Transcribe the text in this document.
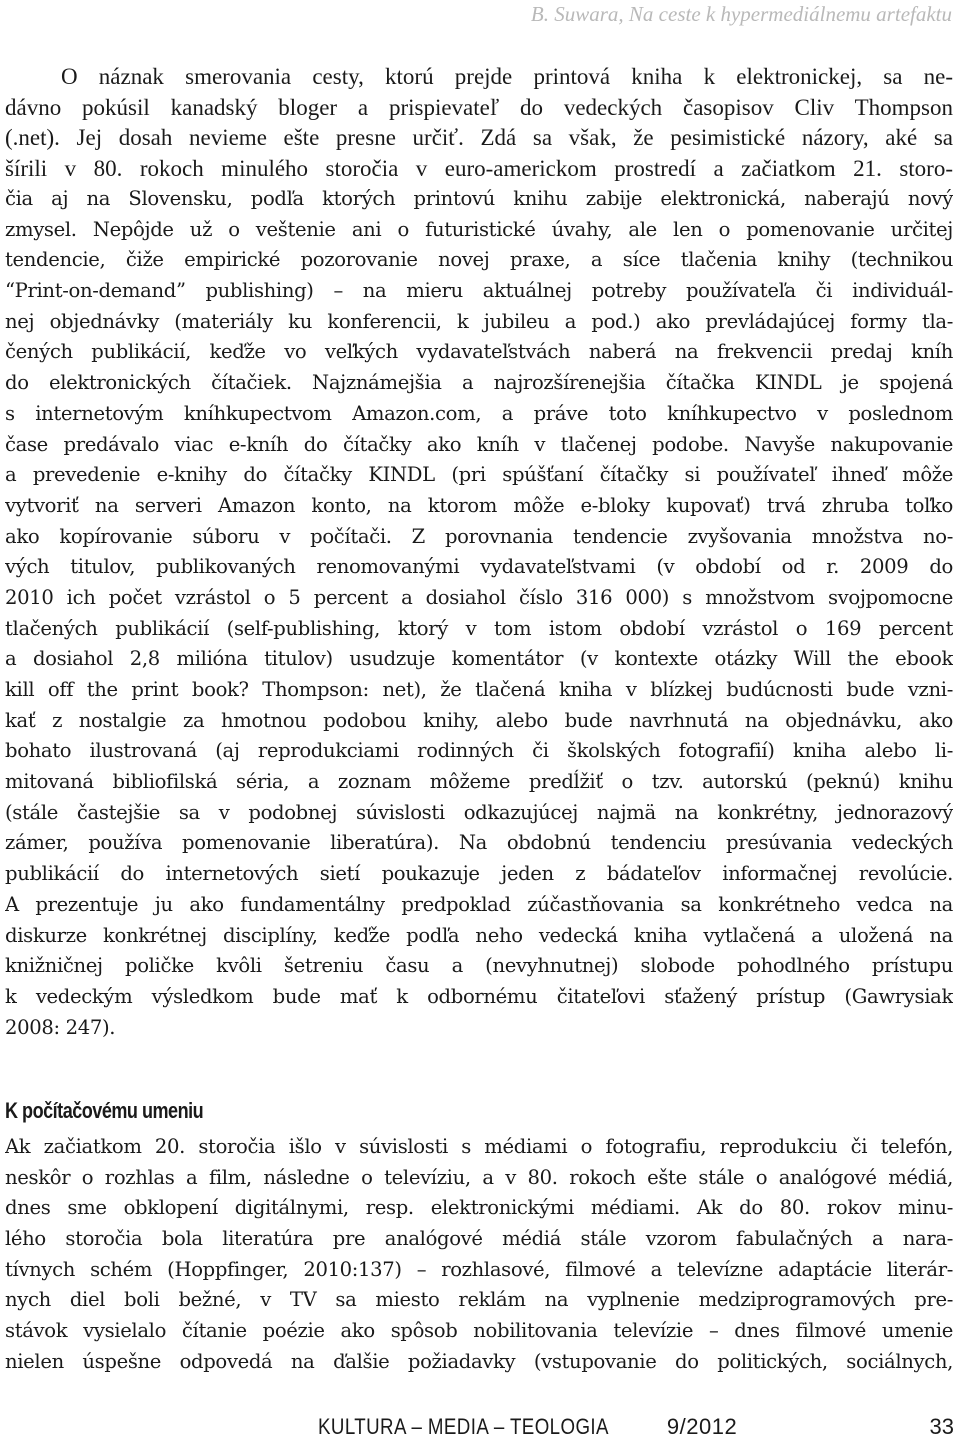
B. Suwara, Na ceste k hypermediálnemu artefaktu
O náznak smerovania cesty, ktorú prejde printová kniha k elektronickej, sa ne-
dávno pokúsil kanadský bloger a prispievateľ do vedeckých časopisov Cliv Thompson
(.net). Jej dosah nevieme ešte presne určiť. Zdá sa však, že pesimistické názory, aké sa
šírili v 80. rokoch minulého storočia v euro-americkom prostredí a začiatkom 21. storo-
čia aj na Slovensku, podľa ktorých printovú knihu zabije elektronická, naberajú nový
zmysel. Nepôjde už o veštenie ani o futuristické úvahy, ale len o pomenovanie určitej
tendencie, čiže empirické pozorovanie novej praxe, a síce tlačenia knihy (technikou
“Print-on-demand” publishing) – na mieru aktuálnej potreby používateľa či individuál-
nej objednávky (materiály ku konferencii, k jubileu a pod.) ako prevládajúcej formy tla-
čených publikácií, keďže vo veľkých vydavateľstvách naberá na frekvencii predaj kníh
do elektronických čítačiek. Najznámejšia a najrozšírenejšia čítačka KINDL je spojená
s internetovým kníhkupectvom Amazon.com, a práve toto kníhkupectvo v poslednom
čase predávalo viac e-kníh do čítačky ako kníh v tlačenej podobe. Navyše nakupovanie
a prevedenie e-knihy do čítačky KINDL (pri spúšťaní čítačky si používateľ ihneď môže
vytvoriť na serveri Amazon konto, na ktorom môže e-bloky kupovať) trvá zhruba toľko
ako kopírovanie súboru v počítači. Z porovnania tendencie zvyšovania množstva no-
vých titulov, publikovaných renomovanými vydavateľstvami (v období od r. 2009 do
2010 ich počet vzrástol o 5 percent a dosiahol číslo 316 000) s množstvom svojpomocne
tlačených publikácií (self-publishing, ktorý v tom istom období vzrástol o 169 percent
a dosiahol 2,8 milióna titulov) usudzuje komentátor (v kontexte otázky Will the ebook
kill off the print book? Thompson: net), že tlačená kniha v blízkej budúcnosti bude vzni-
kať z nostalgie za hmotnou podobou knihy, alebo bude navrhnutá na objednávku, ako
bohato ilustrovaná (aj reprodukciami rodinných či školských fotografií) kniha alebo li-
mitovaná bibliofilská séria, a zoznam môžeme predĺžiť o tzv. autorskú (peknú) knihu
(stále častejšie sa v podobnej súvislosti odkazujúcej najmä na konkrétny, jednorazový
zámer, používa pomenovanie liberatúra). Na obdobnú tendenciu presúvania vedeckých
publikácií do internetových sietí poukazuje jeden z bádateľov informačnej revolúcie.
A prezentuje ju ako fundamentálny predpoklad zúčastňovania sa konkrétneho vedca na
diskurze konkrétnej disciplíny, keďže podľa neho vedecká kniha vytlačená a uložená na
knižničnej poličke kvôli šetreniu času a (nevyhnutnej) slobode pohodlného prístupu
k vedeckým výsledkom bude mať k odbornému čitateľovi sťažený prístup (Gawrysiak
2008: 247).
K počítačovému umeniu
Ak začiatkom 20. storočia išlo v súvislosti s médiami o fotografiu, reprodukciu či telefón,
neskôr o rozhlas a film, následne o televíziu, a v 80. rokoch ešte stále o analógové médiá,
dnes sme obklopení digitálnymi, resp. elektronickými médiami. Ak do 80. rokov minu-
lého storočia bola literatúra pre analógové médiá stále vzorom fabulačných a nara-
tívnych schém (Hoppfinger, 2010:137) – rozhlasové, filmové a televízne adaptácie literár-
nych diel boli bežné, v TV sa miesto reklám na vyplnenie medziprogramových pre-
stávok vysielalo čítanie poézie ako spôsob nobilitovania televízie – dnes filmové umenie
nielen úspešne odpovedá na ďalšie požiadavky (vstupovanie do politických, sociálnych,
KULTURA – MEDIA – TEOLOGIA	9/2012	33
